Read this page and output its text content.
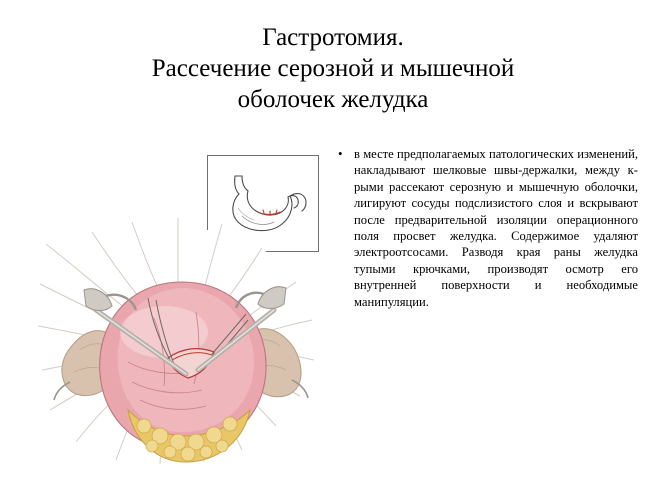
Гастротомия.
Рассечение серозной и мышечной
оболочек желудка
• в месте предполагаемых патологических изменений, накладывают шелковые швы-держалки, между к-рыми рассекают серозную и мышечную оболочки, лигируют сосуды подслизистого слоя и вскрывают после предварительной изоляции операционного поля просвет желудка. Содержимое удаляют электроотсосами. Разводя края раны желудка тупыми крючками, производят осмотр его внутренней поверхности и необходимые манипуляции.
